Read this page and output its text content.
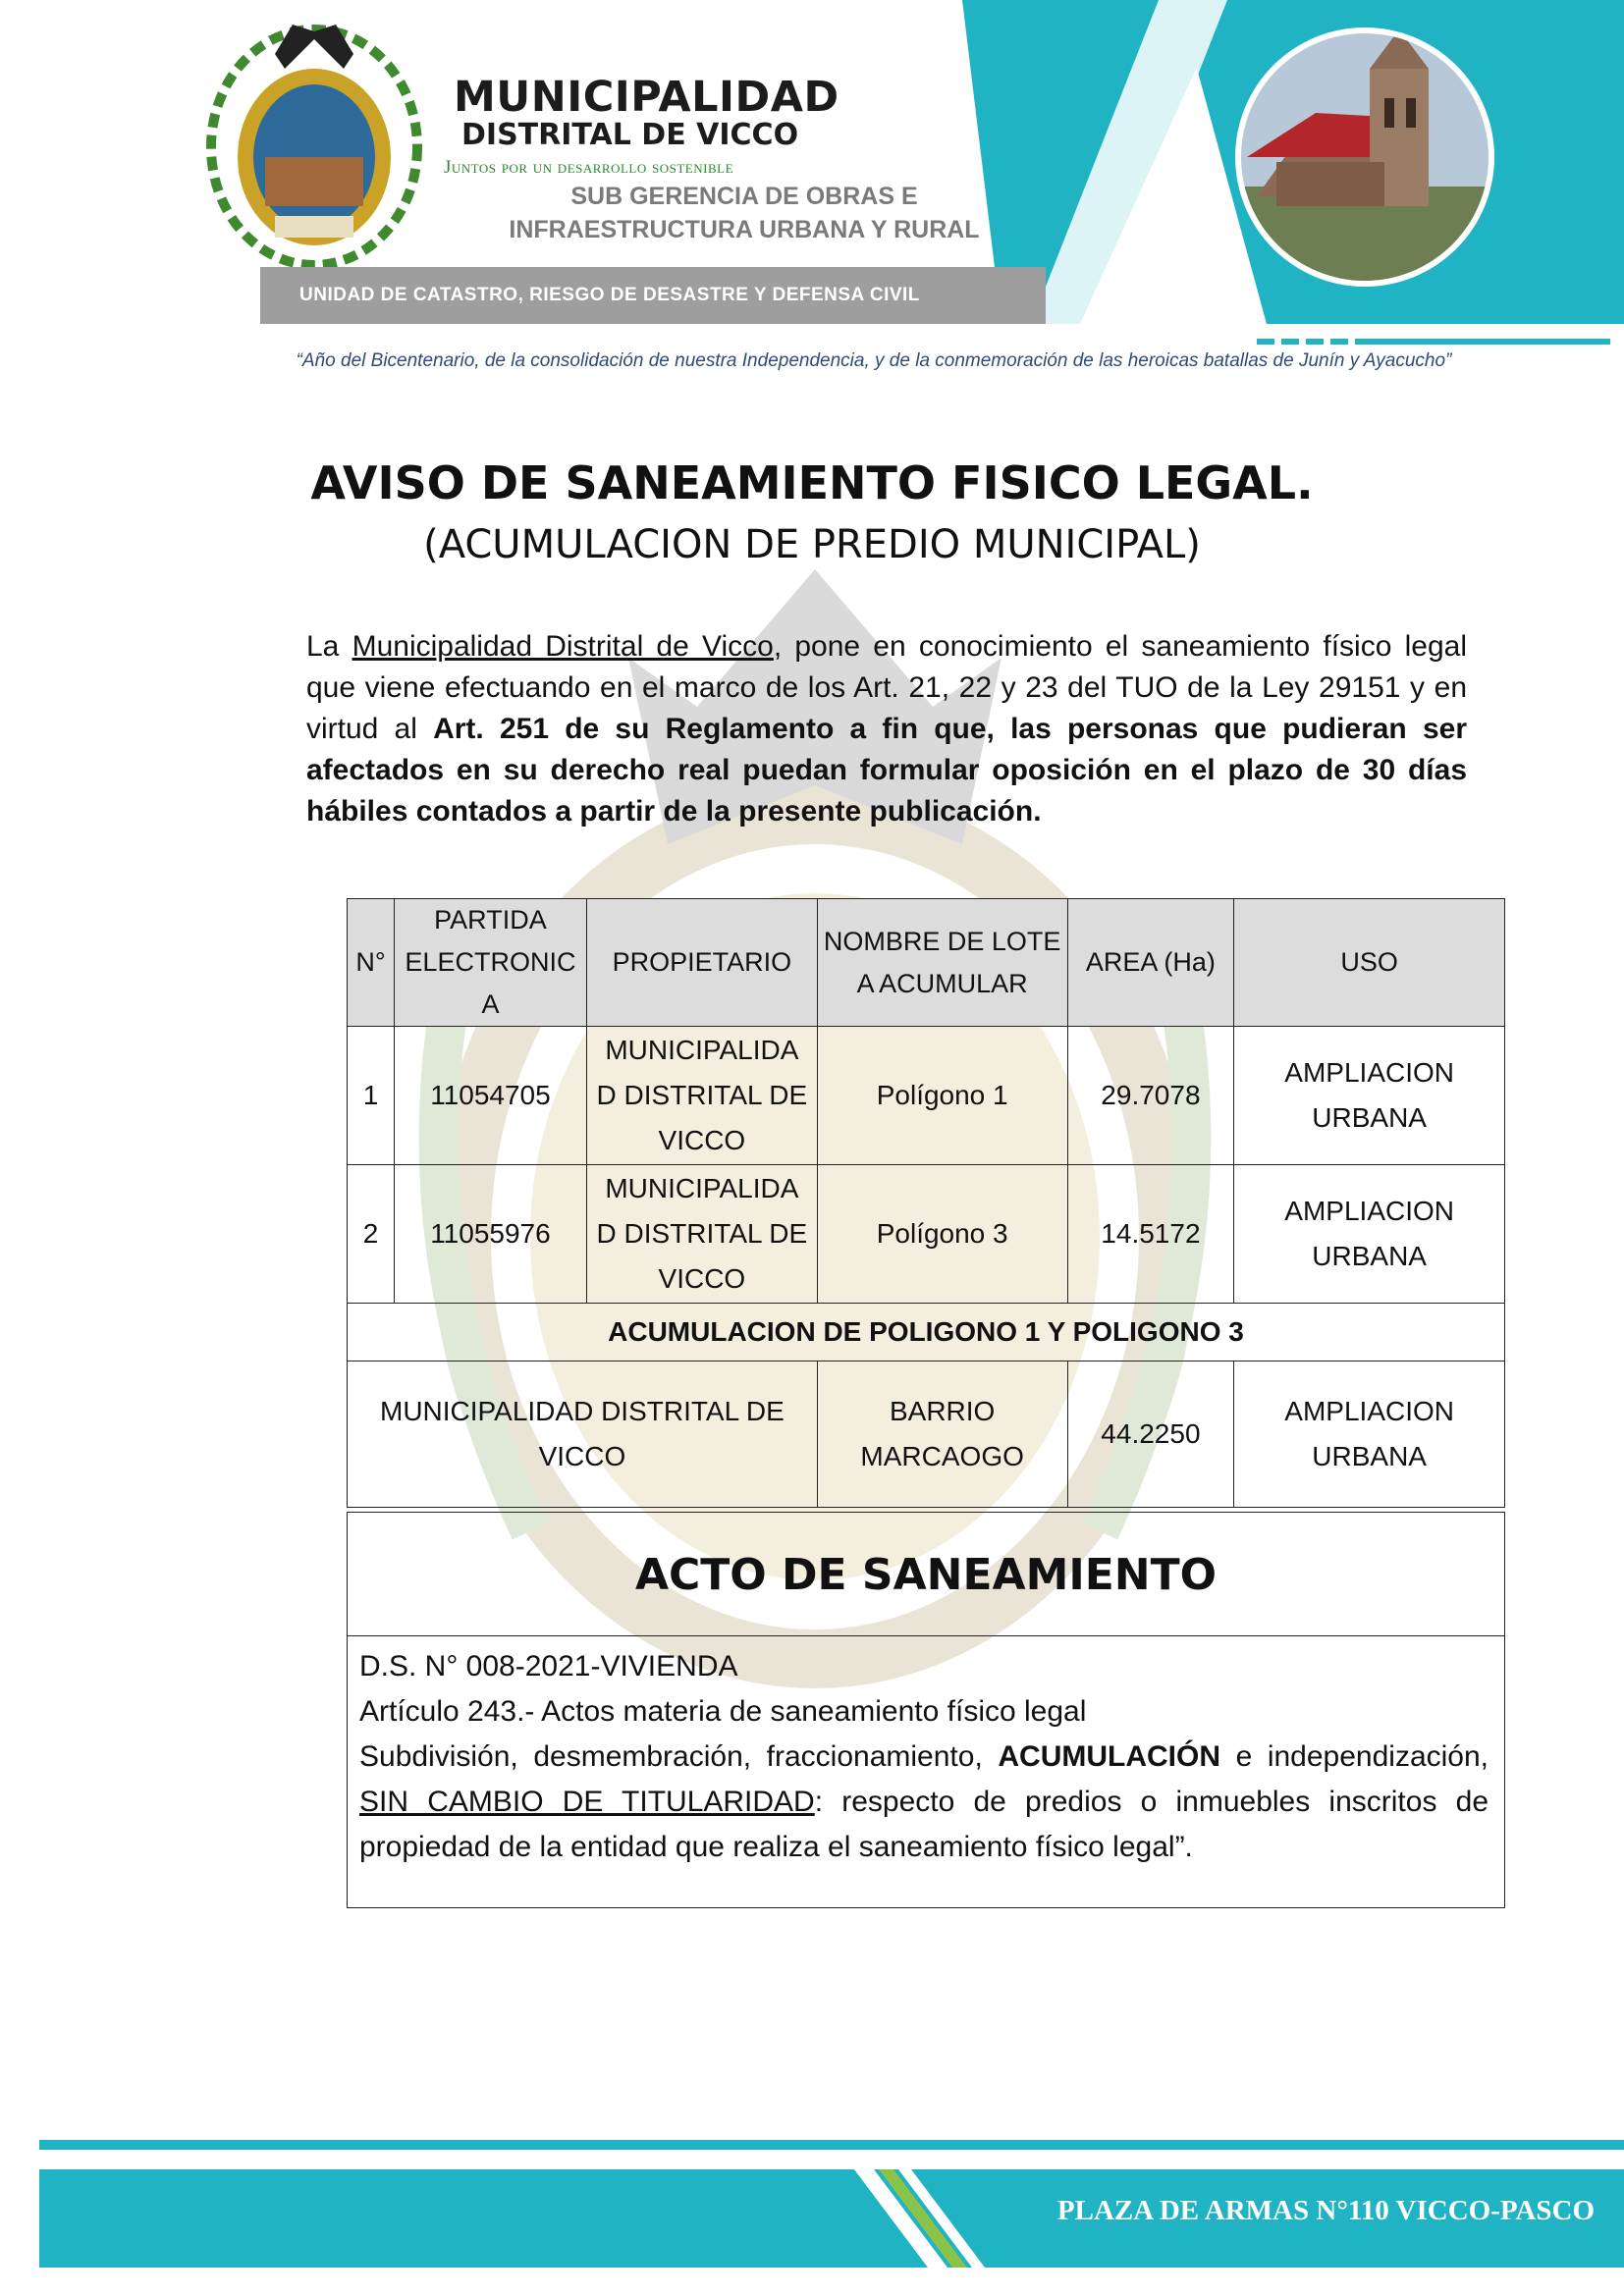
MUNICIPALIDAD
DISTRITAL DE VICCO
Juntos por un desarrollo sostenible
SUB GERENCIA DE OBRAS E
INFRAESTRUCTURA URBANA Y RURAL
UNIDAD DE CATASTRO, RIESGO DE DESASTRE Y DEFENSA CIVIL
“Año del Bicentenario, de la consolidación de nuestra Independencia, y de la conmemoración de las heroicas batallas de Junín y Ayacucho”
AVISO DE SANEAMIENTO FISICO LEGAL.
(ACUMULACION DE PREDIO MUNICIPAL)
La Municipalidad Distrital de Vicco, pone en conocimiento el saneamiento físico legal que viene efectuando en el marco de los Art. 21, 22 y 23 del TUO de la Ley 29151 y en virtud al Art. 251 de su Reglamento a fin que, las personas que pudieran ser afectados en su derecho real puedan formular oposición en el plazo de 30 días hábiles contados a partir de la presente publicación.
N°	PARTIDA ELECTRONIC A	PROPIETARIO	NOMBRE DE LOTE A ACUMULAR	AREA (Ha)	USO
1	11054705	MUNICIPALIDA D DISTRITAL DE VICCO	Polígono 1	29.7078	AMPLIACION URBANA
2	11055976	MUNICIPALIDA D DISTRITAL DE VICCO	Polígono 3	14.5172	AMPLIACION URBANA
ACUMULACION DE POLIGONO 1 Y POLIGONO 3					
MUNICIPALIDAD DISTRITAL DE VICCO			BARRIO MARCAOGO	44.2250	AMPLIACION URBANA
ACTO DE SANEAMIENTO
D.S. N° 008-2021-VIVIENDA
Artículo 243.- Actos materia de saneamiento físico legal
Subdivisión, desmembración, fraccionamiento, ACUMULACIÓN e independización, SIN CAMBIO DE TITULARIDAD: respecto de predios o inmuebles inscritos de propiedad de la entidad que realiza el saneamiento físico legal”.
PLAZA DE ARMAS N°110 VICCO-PASCO
